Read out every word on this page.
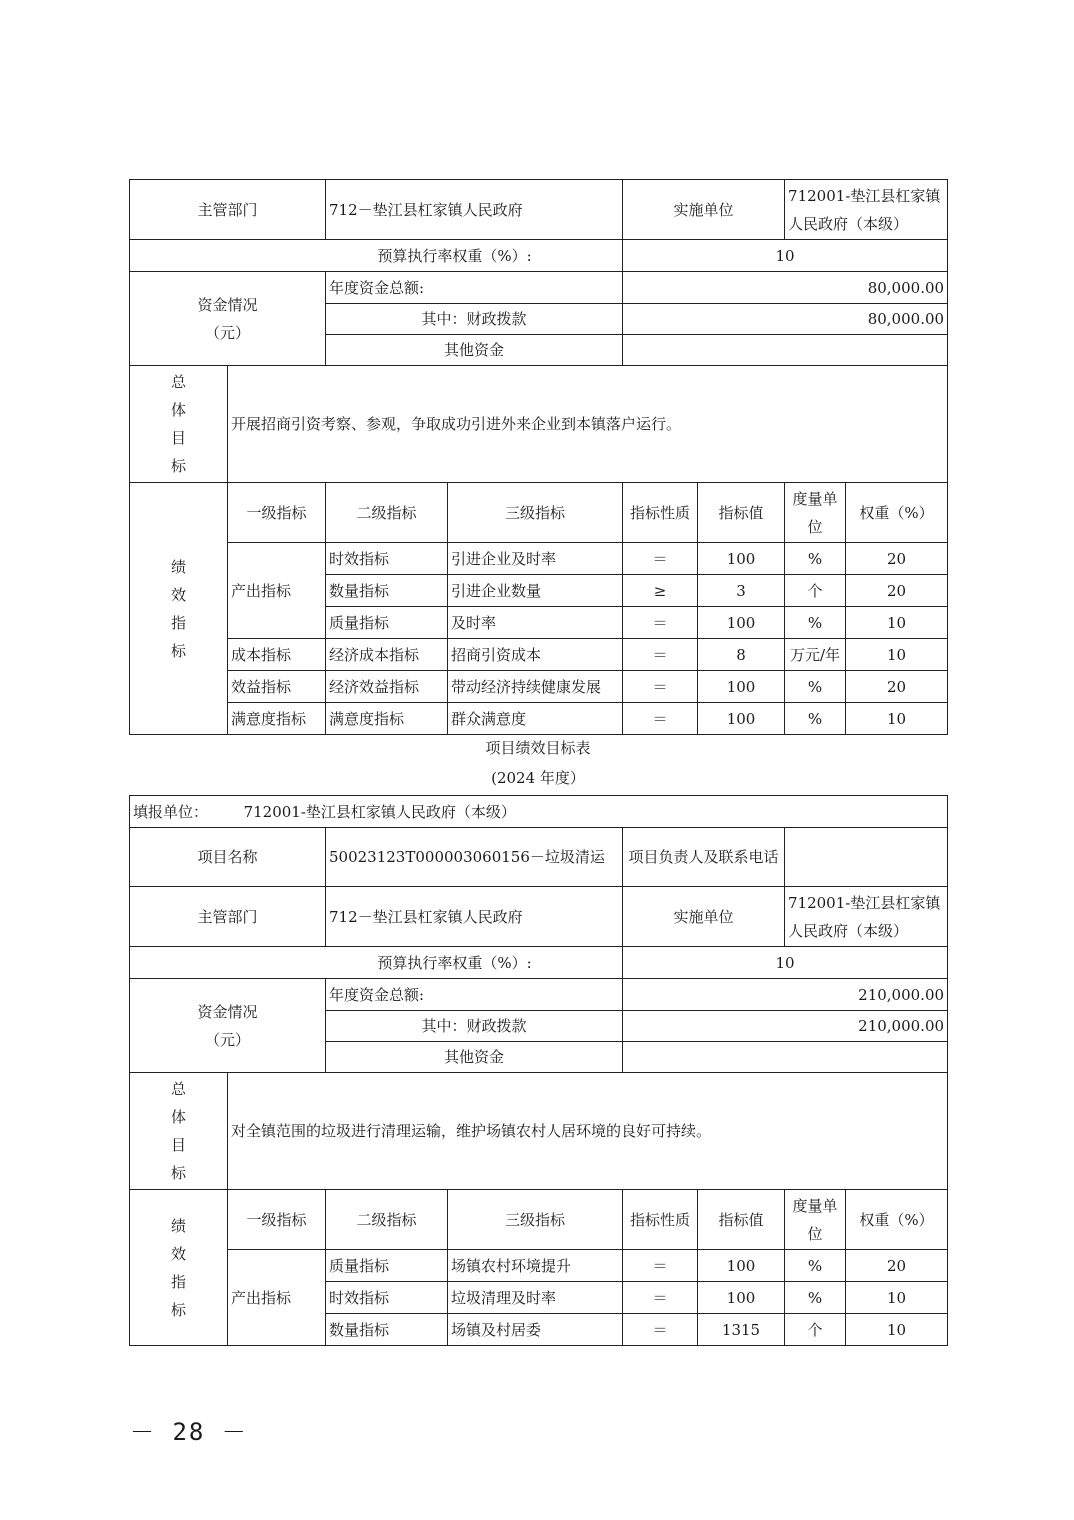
主管部门		712－垫江县杠家镇人民政府		实施单位		712001-垫江县杠家镇人民政府（本级）	
预算执行率权重（%）:				10			

资金情况
（元）		年度资金总额:		80,000.00			
		其中：财政拨款		80,000.00			
		其他资金					

总
体
目
标	开展招商引资考察、参观，争取成功引进外来企业到本镇落户运行。						

绩
效
指
标	一级指标	二级指标	三级指标	指标性质	指标值	度量单位	权重（%）
	产出指标	时效指标	引进企业及时率	＝	100	%	20
		数量指标	引进企业数量	≥	3	个	20
		质量指标	及时率	＝	100	%	10
	成本指标	经济成本指标	招商引资成本	＝	8	万元/年	10
	效益指标	经济效益指标	带动经济持续健康发展	＝	100	%	20
	满意度指标	满意度指标	群众满意度	＝	100	%	10
项目绩效目标表
(2024 年度）
填报单位： 712001-垫江县杠家镇人民政府（本级）							
项目名称		50023123T000003060156－垃圾清运		项目负责人及联系电话			
主管部门		712－垫江县杠家镇人民政府		实施单位		712001-垫江县杠家镇人民政府（本级）	
预算执行率权重（%）:				10			

资金情况
（元）		年度资金总额:		210,000.00			
		其中：财政拨款		210,000.00			
		其他资金					

总
体
目
标	对全镇范围的垃圾进行清理运输，维护场镇农村人居环境的良好可持续。						

绩
效
指
标	一级指标	二级指标	三级指标	指标性质	指标值	度量单位	权重（%）
	产出指标	质量指标	场镇农村环境提升	＝	100	%	20
		时效指标	垃圾清理及时率	＝	100	%	10
		数量指标	场镇及村居委	＝	1315	个	10
－ 28 －
